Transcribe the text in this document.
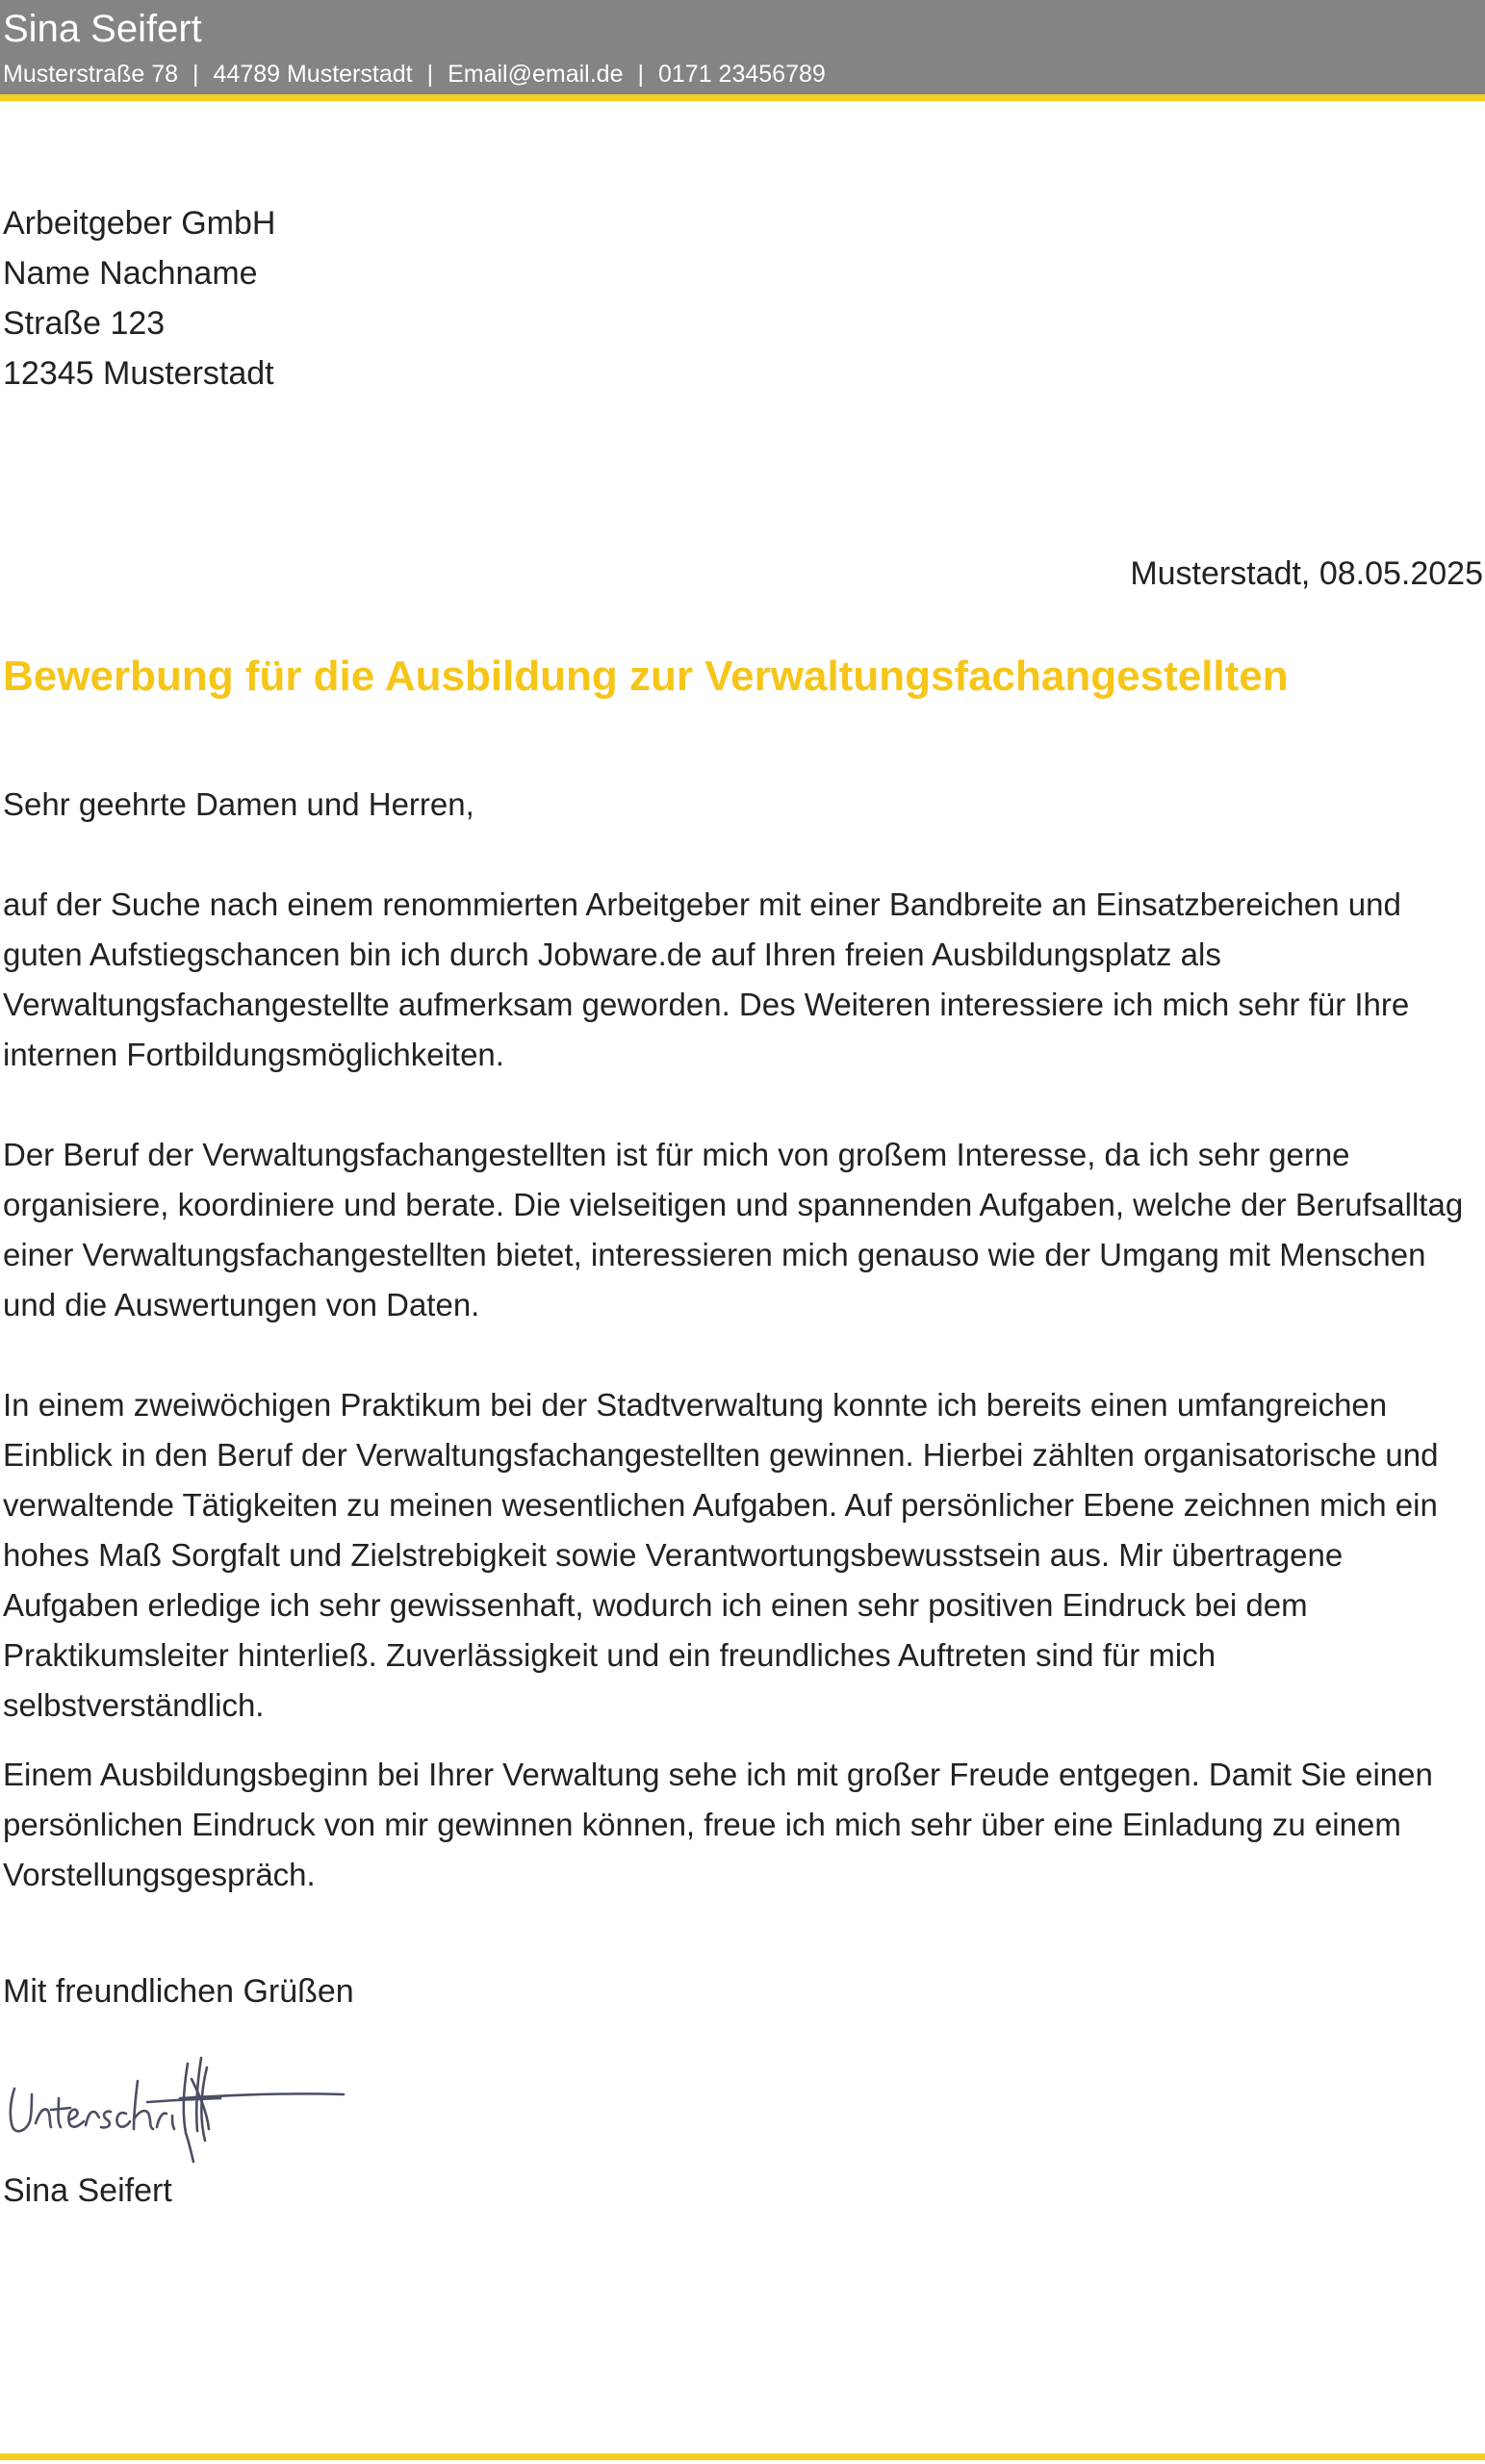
Sina Seifert
Musterstraße 78 | 44789 Musterstadt | Email@email.de | 0171 23456789
Arbeitgeber GmbH
Name Nachname
Straße 123
12345 Musterstadt
Musterstadt, 08.05.2025
Bewerbung für die Ausbildung zur Verwaltungsfachangestellten

Sehr geehrte Damen und Herren,

auf der Suche nach einem renommierten Arbeitgeber mit einer Bandbreite an Einsatzbereichen und guten Aufstiegschancen bin ich durch Jobware.de auf Ihren freien Ausbildungsplatz als Verwaltungsfachangestellte aufmerksam geworden. Des Weiteren interessiere ich mich sehr für Ihre internen Fortbildungsmöglichkeiten.

Der Beruf der Verwaltungsfachangestellten ist für mich von großem Interesse, da ich sehr gerne organisiere, koordiniere und berate. Die vielseitigen und spannenden Aufgaben, welche der Berufsalltag einer Verwaltungsfachangestellten bietet, interessieren mich genauso wie der Umgang mit Menschen und die Auswertungen von Daten.

In einem zweiwöchigen Praktikum bei der Stadtverwaltung konnte ich bereits einen umfangreichen Einblick in den Beruf der Verwaltungsfachangestellten gewinnen. Hierbei zählten organisatorische und verwaltende Tätigkeiten zu meinen wesentlichen Aufgaben. Auf persönlicher Ebene zeichnen mich ein hohes Maß Sorgfalt und Zielstrebigkeit sowie Verantwortungsbewusstsein aus. Mir übertragene Aufgaben erledige ich sehr gewissenhaft, wodurch ich einen sehr positiven Eindruck bei dem Praktikumsleiter hinterließ. Zuverlässigkeit und ein freundliches Auftreten sind für mich selbstverständlich.

Einem Ausbildungsbeginn bei Ihrer Verwaltung sehe ich mit großer Freude entgegen. Damit Sie einen persönlichen Eindruck von mir gewinnen können, freue ich mich sehr über eine Einladung zu einem Vorstellungsgespräch.

Mit freundlichen Grüßen
Sina Seifert
